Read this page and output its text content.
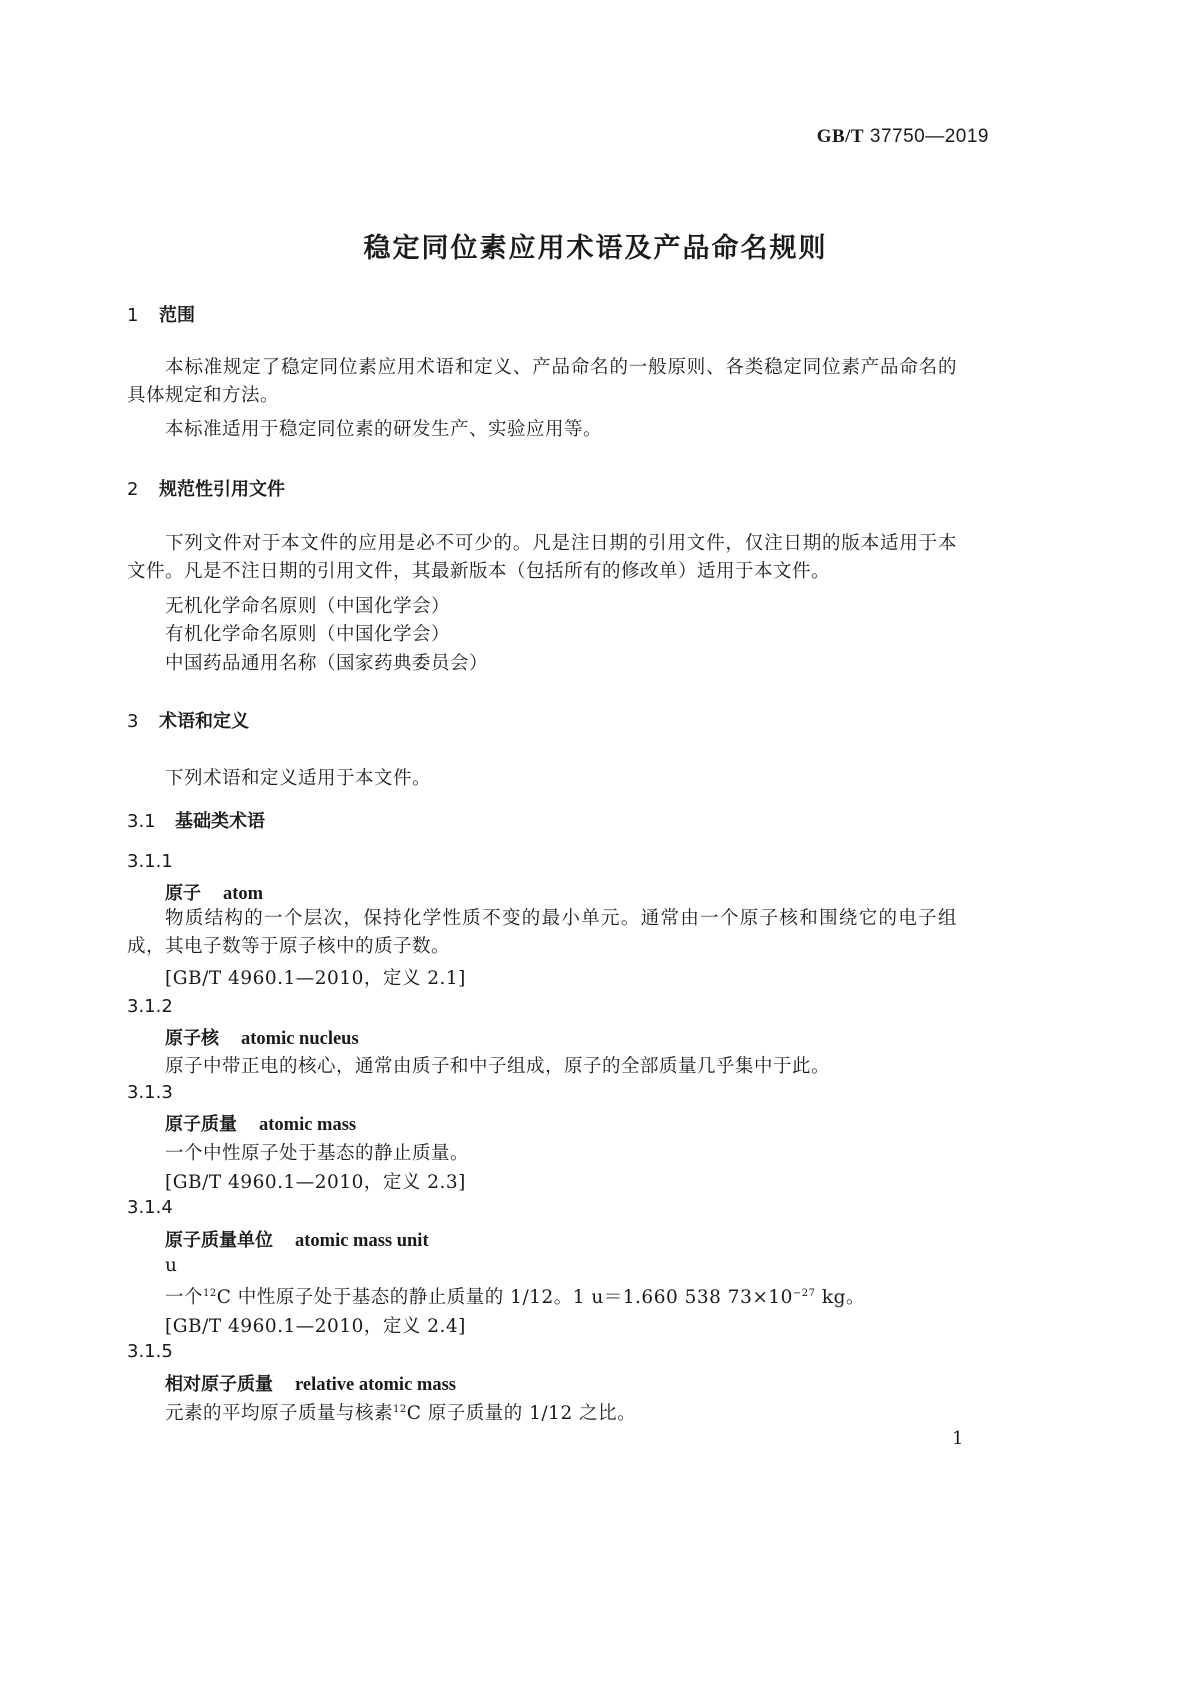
GB/T 37750—2019
稳定同位素应用术语及产品命名规则
1 范围
本标准规定了稳定同位素应用术语和定义、产品命名的一般原则、各类稳定同位素产品命名的具体规定和方法。
本标准适用于稳定同位素的研发生产、实验应用等。
2 规范性引用文件
下列文件对于本文件的应用是必不可少的。凡是注日期的引用文件，仅注日期的版本适用于本文件。凡是不注日期的引用文件，其最新版本（包括所有的修改单）适用于本文件。
无机化学命名原则（中国化学会）
有机化学命名原则（中国化学会）
中国药品通用名称（国家药典委员会）
3 术语和定义
下列术语和定义适用于本文件。
3.1 基础类术语
3.1.1
原子 atom
物质结构的一个层次，保持化学性质不变的最小单元。通常由一个原子核和围绕它的电子组成，其电子数等于原子核中的质子数。
[GB/T 4960.1—2010，定义 2.1]
3.1.2
原子核 atomic nucleus
原子中带正电的核心，通常由质子和中子组成，原子的全部质量几乎集中于此。
3.1.3
原子质量 atomic mass
一个中性原子处于基态的静止质量。
[GB/T 4960.1—2010，定义 2.3]
3.1.4
原子质量单位 atomic mass unit
u
一个$^{12}$C 中性原子处于基态的静止质量的 1/12。1 u＝1.660 538 $73\times 10^{-27}$ kg。
[GB/T 4960.1—2010，定义 2.4]
3.1.5
相对原子质量 relative atomic mass
元素的平均原子质量与核素$^{12}$C 原子质量的 1/12 之比。
1
